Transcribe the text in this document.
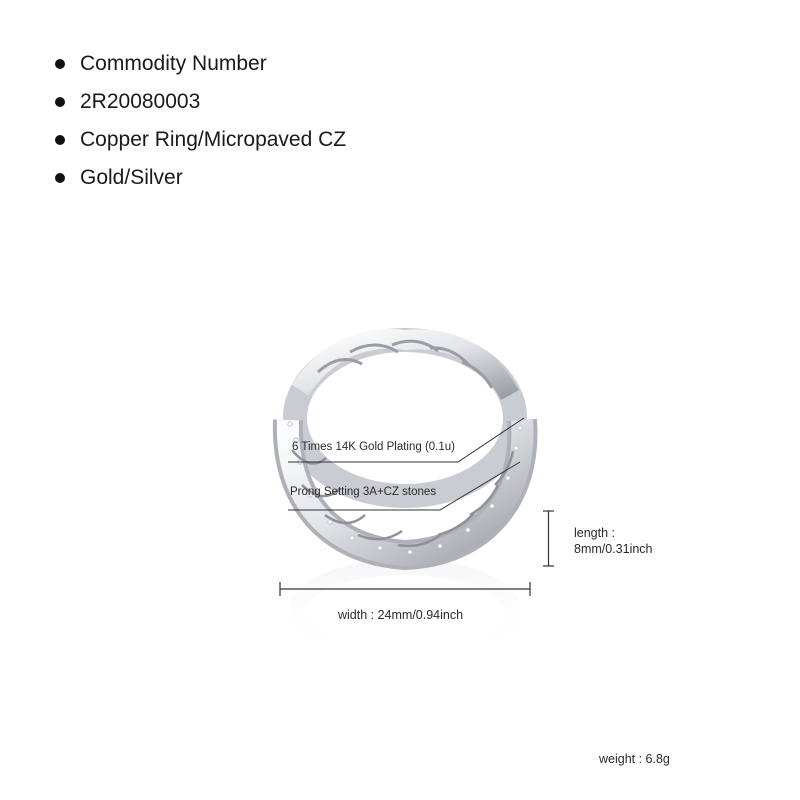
Commodity Number
2R20080003
Copper Ring/Micropaved CZ
Gold/Silver
6 Times 14K Gold Plating (0.1u)
Prong Setting 3A+CZ stones
length :
8mm/0.31inch
width : 24mm/0.94inch
weight : 6.8g
